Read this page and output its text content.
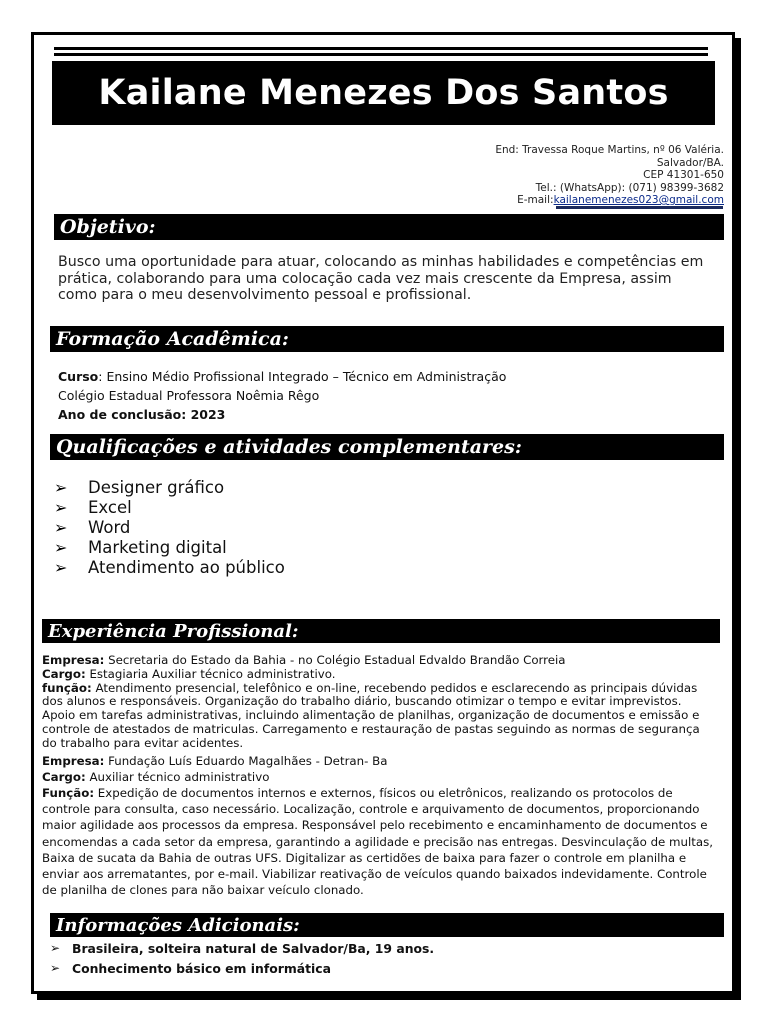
Kailane Menezes Dos Santos
End: Travessa Roque Martins, nº 06 Valéria.
Salvador/BA.
CEP 41301-650
Tel.: (WhatsApp): (071) 98399-3682
E-mail:kailanemenezes023@gmail.com
Objetivo:
Busco uma oportunidade para atuar, colocando as minhas habilidades e competências em prática, colaborando para uma colocação cada vez mais crescente da Empresa, assim como para o meu desenvolvimento pessoal e profissional.
Formação Acadêmica:
Curso: Ensino Médio Profissional Integrado – Técnico em Administração
Colégio Estadual Professora Noêmia Rêgo
Ano de conclusão: 2023
Qualificações e atividades complementares:
➢	Designer gráfico
➢	Excel
➢	Word
➢	Marketing digital
➢	Atendimento ao público
Experiência Profissional:

Empresa: Secretaria do Estado da Bahia - no Colégio Estadual Edvaldo Brandão Correia

Cargo: Estagiaria Auxiliar técnico administrativo.

função: Atendimento presencial, telefônico e on-line, recebendo pedidos e esclarecendo as principais dúvidas dos alunos e responsáveis. Organização do trabalho diário, buscando otimizar o tempo e evitar imprevistos. Apoio em tarefas administrativas, incluindo alimentação de planilhas, organização de documentos e emissão e controle de atestados de matriculas. Carregamento e restauração de pastas seguindo as normas de segurança do trabalho para evitar acidentes.

Empresa: Fundação Luís Eduardo Magalhães - Detran- Ba

Cargo: Auxiliar técnico administrativo

Função: Expedição de documentos internos e externos, físicos ou eletrônicos, realizando os protocolos de controle para consulta, caso necessário. Localização, controle e arquivamento de documentos, proporcionando maior agilidade aos processos da empresa. Responsável pelo recebimento e encaminhamento de documentos e encomendas a cada setor da empresa, garantindo a agilidade e precisão nas entregas. Desvinculação de multas, Baixa de sucata da Bahia de outras UFS. Digitalizar as certidões de baixa para fazer o controle em planilha e enviar aos arrematantes, por e-mail. Viabilizar reativação de veículos quando baixados indevidamente. Controle de planilha de clones para não baixar veículo clonado.

Informações Adicionais:
➢ Brasileira, solteira natural de Salvador/Ba, 19 anos.
➢ Conhecimento básico em informática
